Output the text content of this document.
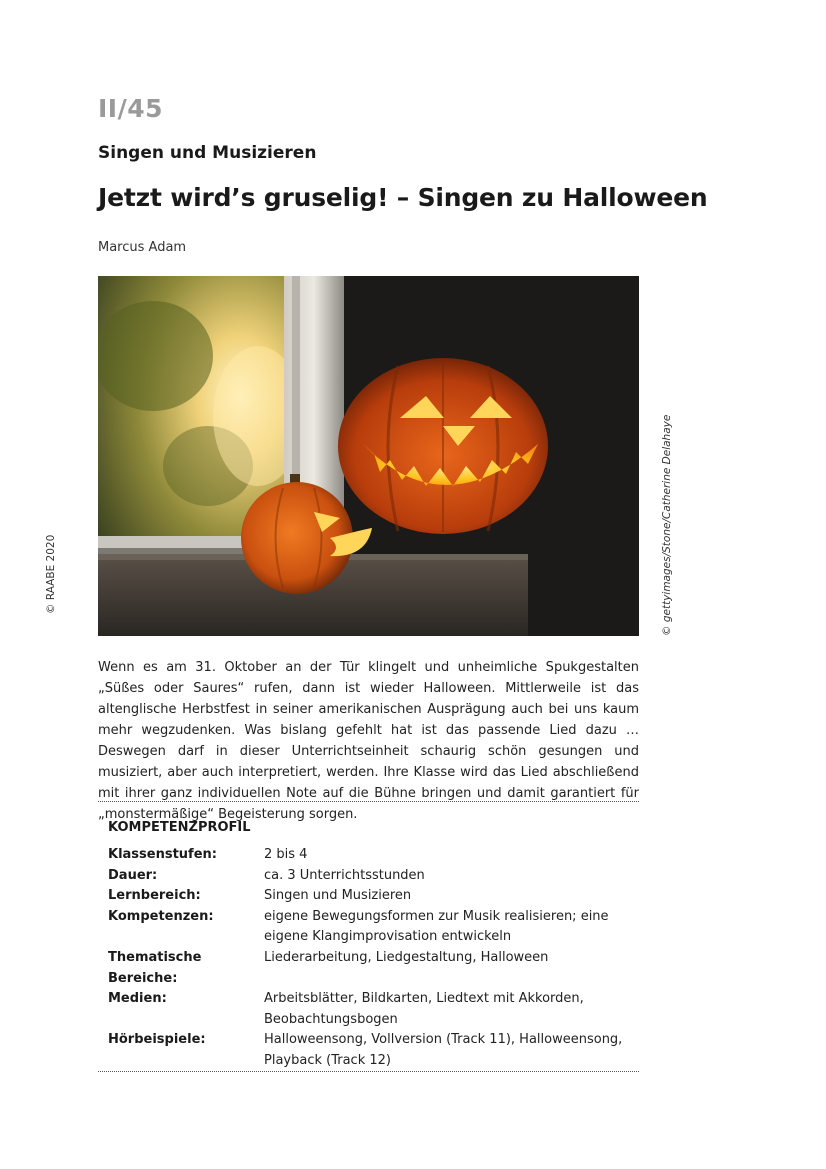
II/45
Singen und Musizieren
Jetzt wird’s gruselig! – Singen zu Halloween
Marcus Adam
© gettyimages/Stone/Catherine Delahaye
© RAABE 2020

Wenn es am 31. Oktober an der Tür klingelt und unheimliche Spukgestalten „Süßes oder Saures“ rufen, dann ist wieder Halloween. Mittlerweile ist das altenglische Herbstfest in seiner amerikanischen Ausprägung auch bei uns kaum mehr wegzudenken. Was bislang gefehlt hat ist das passende Lied dazu … Deswegen darf in dieser Unterrichtseinheit schaurig schön gesungen und musiziert, aber auch interpretiert, werden. Ihre Klasse wird das Lied abschließend mit ihrer ganz individuellen Note auf die Bühne bringen und damit garantiert für „monstermäßige“ Begeisterung sorgen.

KOMPETENZPROFIL
Klassenstufen:	2 bis 4
Dauer:	ca. 3 Unterrichtsstunden
Lernbereich:	Singen und Musizieren
Kompetenzen:	eigene Bewegungsformen zur Musik realisieren; eine eigene Klangimprovisation entwickeln
Thematische Bereiche:
Liederarbeitung, Liedgestaltung, Halloween
Medien:	Arbeitsblätter, Bildkarten, Liedtext mit Akkorden, Beobachtungsbogen
Hörbeispiele:	Halloweensong, Vollversion (Track 11), Halloweensong, Playback (Track 12)
